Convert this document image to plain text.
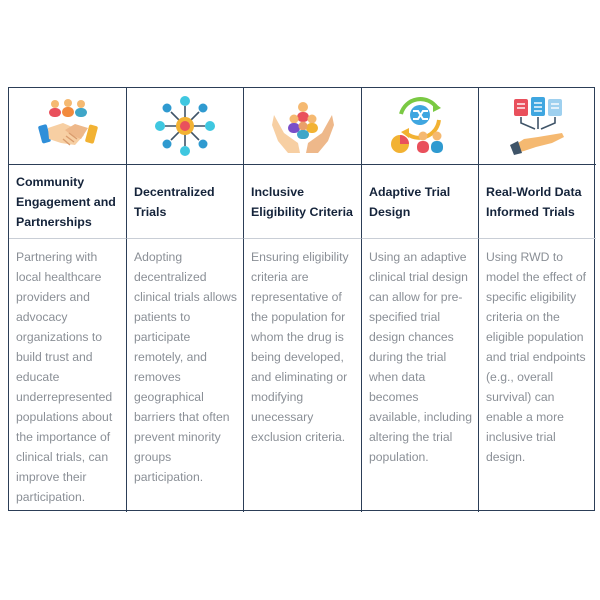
Community Engagement and Partnerships
Decentralized Trials
Inclusive Eligibility Criteria
Adaptive Trial Design
Real-World Data Informed Trials
Partnering with local healthcare providers and advocacy organizations to build trust and educate underrepresented populations about the importance of clinical trials, can improve their participation.
Adopting decentralized clinical trials allows patients to participate remotely, and removes geographical barriers that often prevent minority groups participation.
Ensuring eligibility criteria are representative of the population for whom the drug is being developed, and eliminating or modifying unecessary exclusion criteria.
Using an adaptive clinical trial design can allow for pre-specified trial design chances during the trial when data becomes available, including altering the trial population.
Using RWD to model the effect of specific eligibility criteria on the eligible population and trial endpoints (e.g., overall survival) can enable a more inclusive trial design.
